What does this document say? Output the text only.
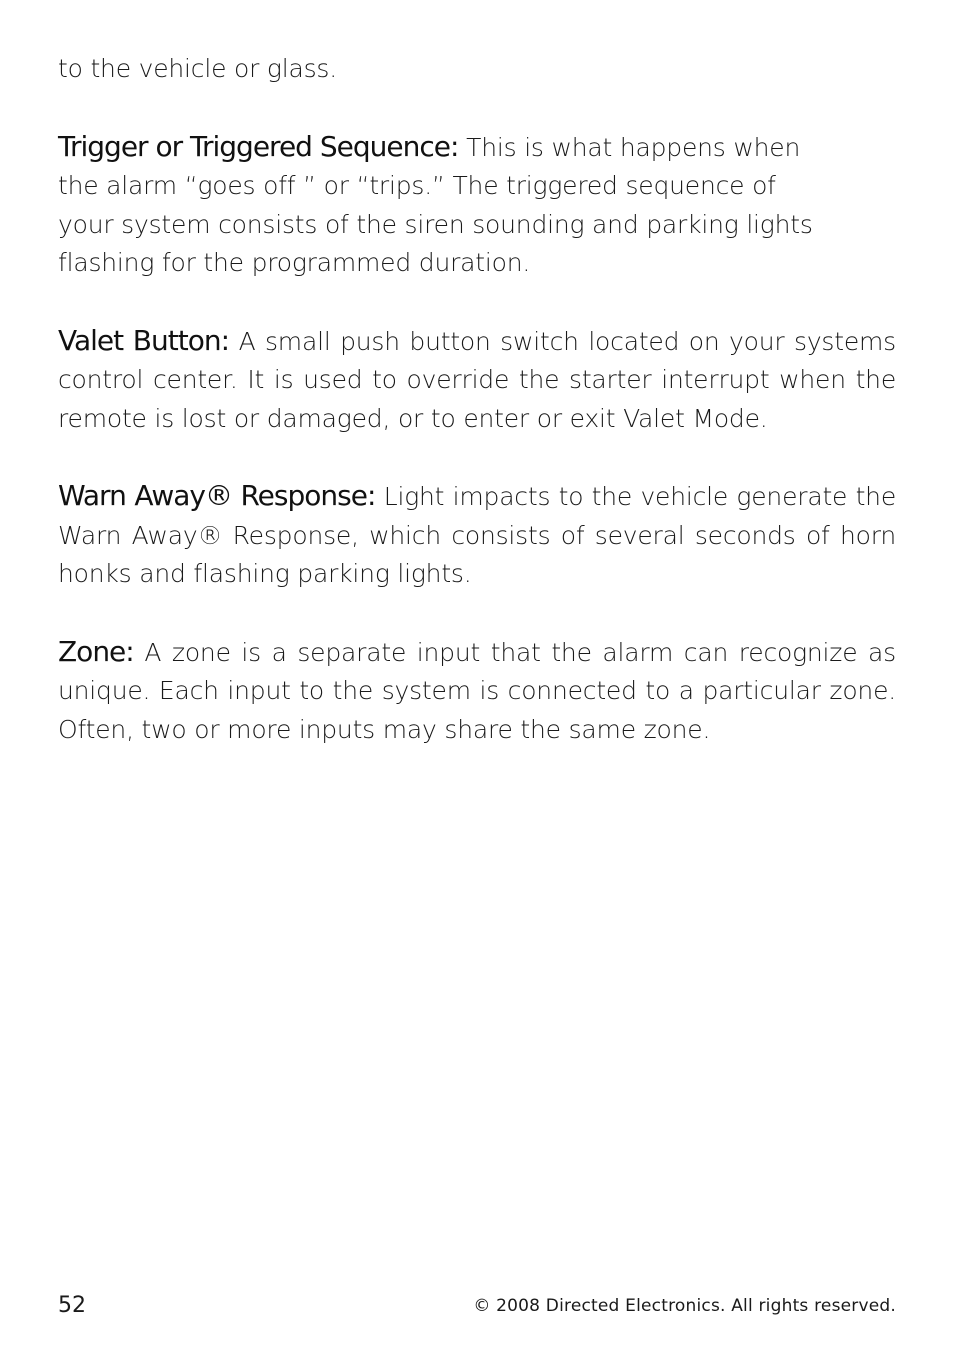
to the vehicle or glass.

Trigger or Triggered Sequence: This is what happens when the alarm “goes off ” or “trips.” The triggered sequence of your system consists of the siren sounding and parking lights flashing for the programmed duration.

Valet Button: A small push button switch located on your systems control center. It is used to override the starter interrupt when the remote is lost or damaged, or to enter or exit Valet Mode.

Warn Away® Response: Light impacts to the vehicle generate the Warn Away® Response, which consists of several seconds of horn honks and flashing parking lights.

Zone: A zone is a separate input that the alarm can recognize as unique. Each input to the system is connected to a particular zone. Often, two or more inputs may share the same zone.

52	© 2008 Directed Electronics. All rights reserved.
